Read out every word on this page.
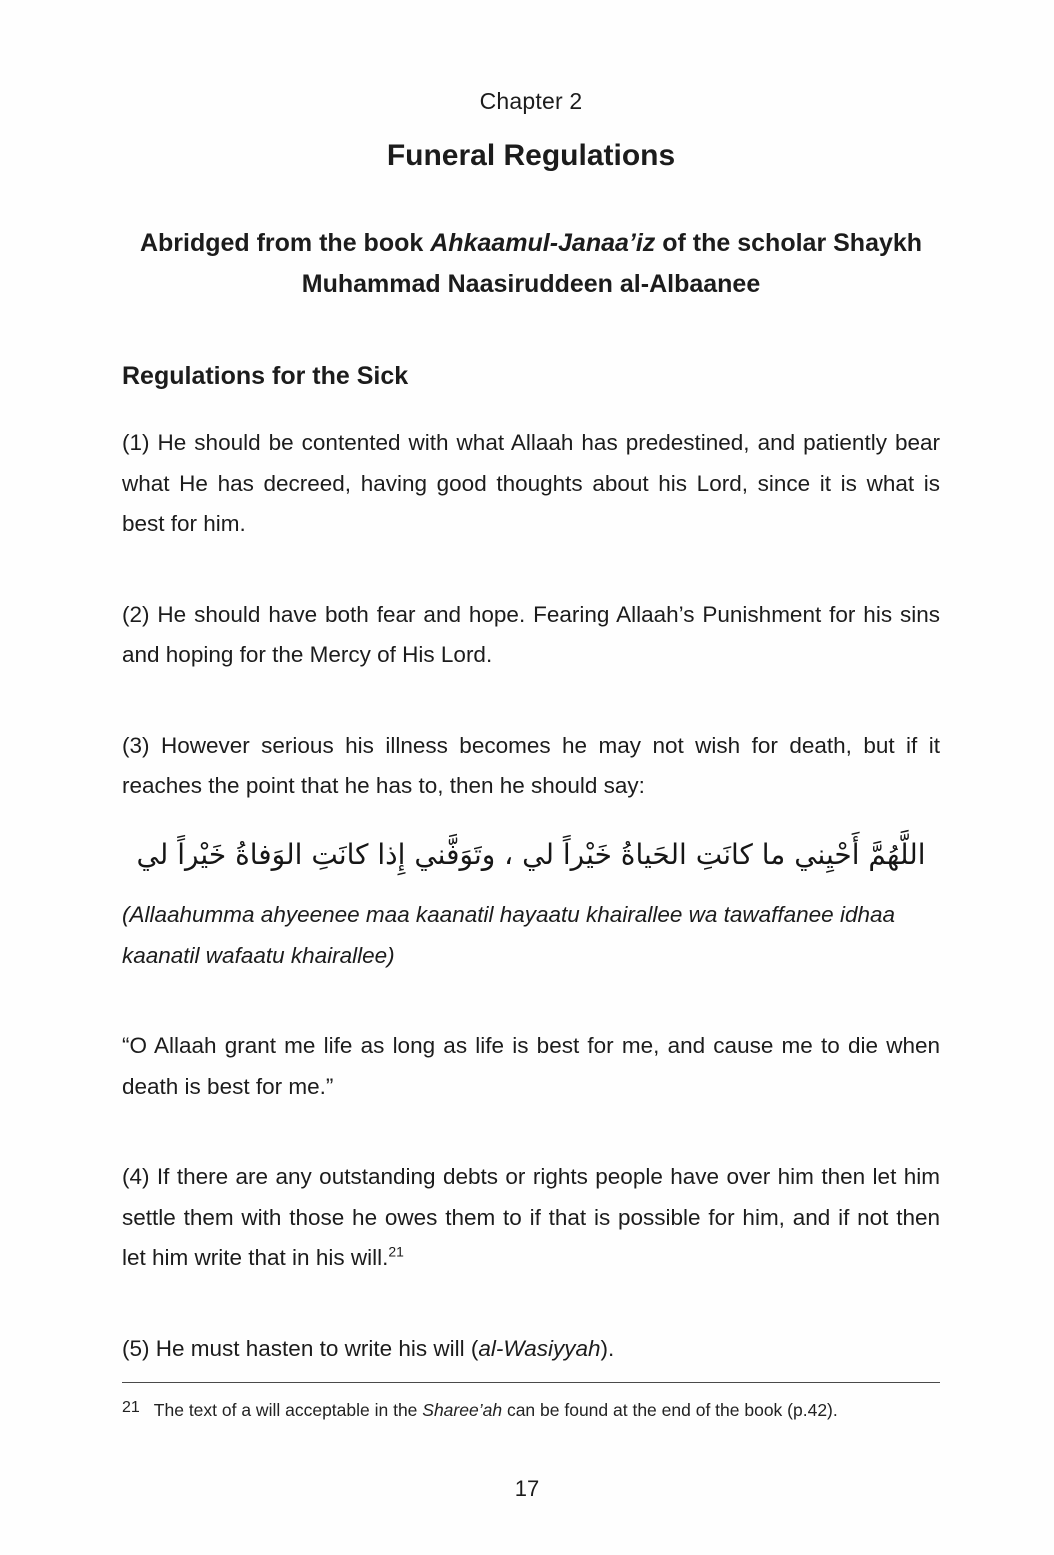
Chapter 2
Funeral Regulations
Abridged from the book Ahkaamul-Janaa’iz of the scholar Shaykh Muhammad Naasiruddeen al-Albaanee
Regulations for the Sick

(1) He should be contented with what Allaah has predestined, and patiently bear what He has decreed, having good thoughts about his Lord, since it is what is best for him.

(2) He should have both fear and hope. Fearing Allaah’s Punishment for his sins and hoping for the Mercy of His Lord.

(3) However serious his illness becomes he may not wish for death, but if it reaches the point that he has to, then he should say:

اللَّهُمَّ أَحْيِني ما كانَتِ الحَياةُ خَيْراً لي ، وتَوَفَّني إِذا كانَتِ الوَفاةُ خَيْراً لي

(Allaahumma ahyeenee maa kaanatil hayaatu khairallee wa tawaffanee idhaa kaanatil wafaatu khairallee)

“O Allaah grant me life as long as life is best for me, and cause me to die when death is best for me.”

(4) If there are any outstanding debts or rights people have over him then let him settle them with those he owes them to if that is possible for him, and if not then let him write that in his will.$^{21}$

(5) He must hasten to write his will (al-Wasiyyah).

21 The text of a will acceptable in the Sharee’ah can be found at the end of the book (p.42).
17
